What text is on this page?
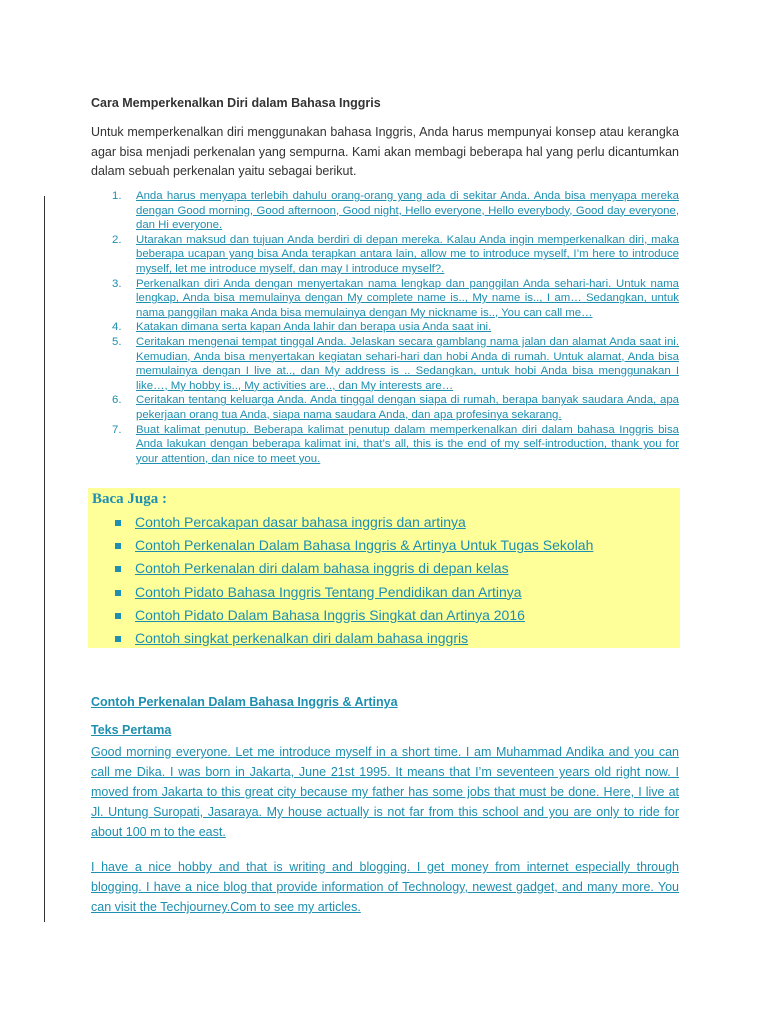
Cara Memperkenalkan Diri dalam Bahasa Inggris
Untuk memperkenalkan diri menggunakan bahasa Inggris, Anda harus mempunyai konsep atau kerangka agar bisa menjadi perkenalan yang sempurna. Kami akan membagi beberapa hal yang perlu dicantumkan dalam sebuah perkenalan yaitu sebagai berikut.
1. Anda harus menyapa terlebih dahulu orang-orang yang ada di sekitar Anda. Anda bisa menyapa mereka dengan Good morning, Good afternoon, Good night, Hello everyone, Hello everybody, Good day everyone, dan Hi everyone.
2. Utarakan maksud dan tujuan Anda berdiri di depan mereka. Kalau Anda ingin memperkenalkan diri, maka beberapa ucapan yang bisa Anda terapkan antara lain, allow me to introduce myself, I’m here to introduce myself, let me introduce myself, dan may I introduce myself?.
3. Perkenalkan diri Anda dengan menyertakan nama lengkap dan panggilan Anda sehari-hari. Untuk nama lengkap, Anda bisa memulainya dengan My complete name is.., My name is.., I am… Sedangkan, untuk nama panggilan maka Anda bisa memulainya dengan My nickname is.., You can call me…
4. Katakan dimana serta kapan Anda lahir dan berapa usia Anda saat ini.
5. Ceritakan mengenai tempat tinggal Anda. Jelaskan secara gamblang nama jalan dan alamat Anda saat ini. Kemudian, Anda bisa menyertakan kegiatan sehari-hari dan hobi Anda di rumah. Untuk alamat, Anda bisa memulainya dengan I live at.., dan My address is .. Sedangkan, untuk hobi Anda bisa menggunakan I like…, My hobby is.., My activities are.., dan My interests are…
6. Ceritakan tentang keluarga Anda. Anda tinggal dengan siapa di rumah, berapa banyak saudara Anda, apa pekerjaan orang tua Anda, siapa nama saudara Anda, dan apa profesinya sekarang.
7. Buat kalimat penutup. Beberapa kalimat penutup dalam memperkenalkan diri dalam bahasa Inggris bisa Anda lakukan dengan beberapa kalimat ini, that’s all, this is the end of my self-introduction, thank you for your attention, dan nice to meet you.
Baca Juga :
Contoh Percakapan dasar bahasa inggris dan artinya
Contoh Perkenalan Dalam Bahasa Inggris & Artinya Untuk Tugas Sekolah
Contoh Perkenalan diri dalam bahasa inggris di depan kelas
Contoh Pidato Bahasa Inggris Tentang Pendidikan dan Artinya
Contoh Pidato Dalam Bahasa Inggris Singkat dan Artinya 2016
Contoh singkat perkenalkan diri dalam bahasa inggris
Contoh Perkenalan Dalam Bahasa Inggris & Artinya
Teks Pertama

Good morning everyone. Let me introduce myself in a short time. I am Muhammad Andika and you can call me Dika. I was born in Jakarta, June 21st 1995. It means that I’m seventeen years old right now. I moved from Jakarta to this great city because my father has some jobs that must be done. Here, I live at Jl. Untung Suropati, Jasaraya. My house actually is not far from this school and you are only to ride for about 100 m to the east.

I have a nice hobby and that is writing and blogging. I get money from internet especially through blogging. I have a nice blog that provide information of Technology, newest gadget, and many more. You can visit the Techjourney.Com to see my articles.
